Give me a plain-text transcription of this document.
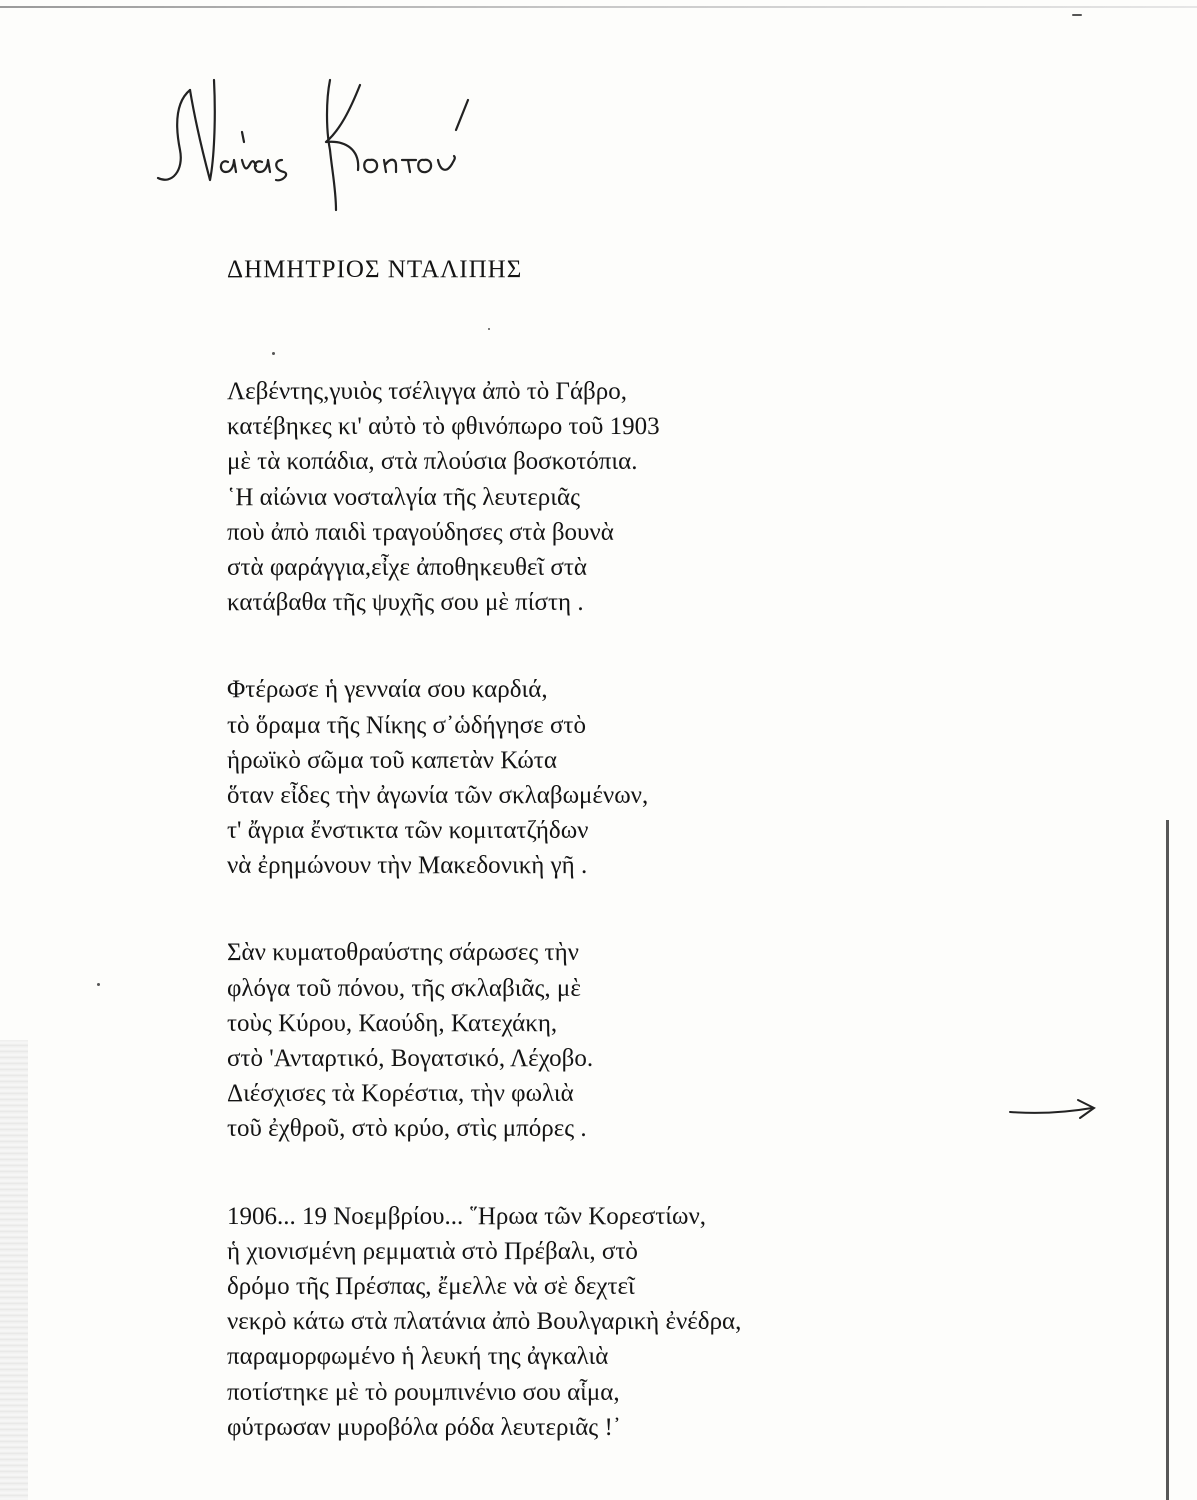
ΔΗΜΗΤΡΙΟΣ ΝΤΑΛΙΠΗΣ
Λεβέντης,γυιὸς τσέλιγγα ἀπὸ τὸ Γάβρο,
κατέβηκες κι' αὐτὸ τὸ φθινόπωρο τοῦ 1903
μὲ τὰ κοπάδια, στὰ πλούσια βοσκοτόπια.
῾Η αἰώνια νοσταλγία τῆς λευτεριᾶς
ποὺ ἀπὸ παιδὶ τραγούδησες στὰ βουνὰ
στὰ φαράγγια,εἶχε ἀποθηκευθεῖ στὰ
κατάβαθα τῆς ψυχῆς σου μὲ πίστη .
Φτέρωσε ἡ γενναία σου καρδιά,
τὸ ὅραμα τῆς Νίκης σ᾽ὡδήγησε στὸ
ἡρωϊκὸ σῶμα τοῦ καπετὰν Κώτα
ὅταν εἶδες τὴν ἀγωνία τῶν σκλαβωμένων,
τ' ἄγρια ἔνστικτα τῶν κομιτατζήδων
νὰ ἐρημώνουν τὴν Μακεδονικὴ γῆ .
Σὰν κυματοθραύστης σάρωσες τὴν
φλόγα τοῦ πόνου, τῆς σκλαβιᾶς, μὲ
τοὺς Κύρου, Καούδη, Κατεχάκη,
στὸ 'Ανταρτικό, Βογατσικό, Λέχοβο.
Διέσχισες τὰ Κορέστια, τὴν φωλιὰ
τοῦ ἐχθροῦ, στὸ κρύο, στὶς μπόρες .
1906... 19 Νοεμβρίου... ῞Ηρωα τῶν Κορεστίων,
ἡ χιονισμένη ρεμματιὰ στὸ Πρέβαλι, στὸ
δρόμο τῆς Πρέσπας, ἔμελλε νὰ σὲ δεχτεῖ
νεκρὸ κάτω στὰ πλατάνια ἀπὸ Βουλγαρικὴ ἐνέδρα,
παραμορφωμένο ἡ λευκή της ἀγκαλιὰ
ποτίστηκε μὲ τὸ ρουμπινένιο σου αἷμα,
φύτρωσαν μυροβόλα ρόδα λευτεριᾶς !᾽
